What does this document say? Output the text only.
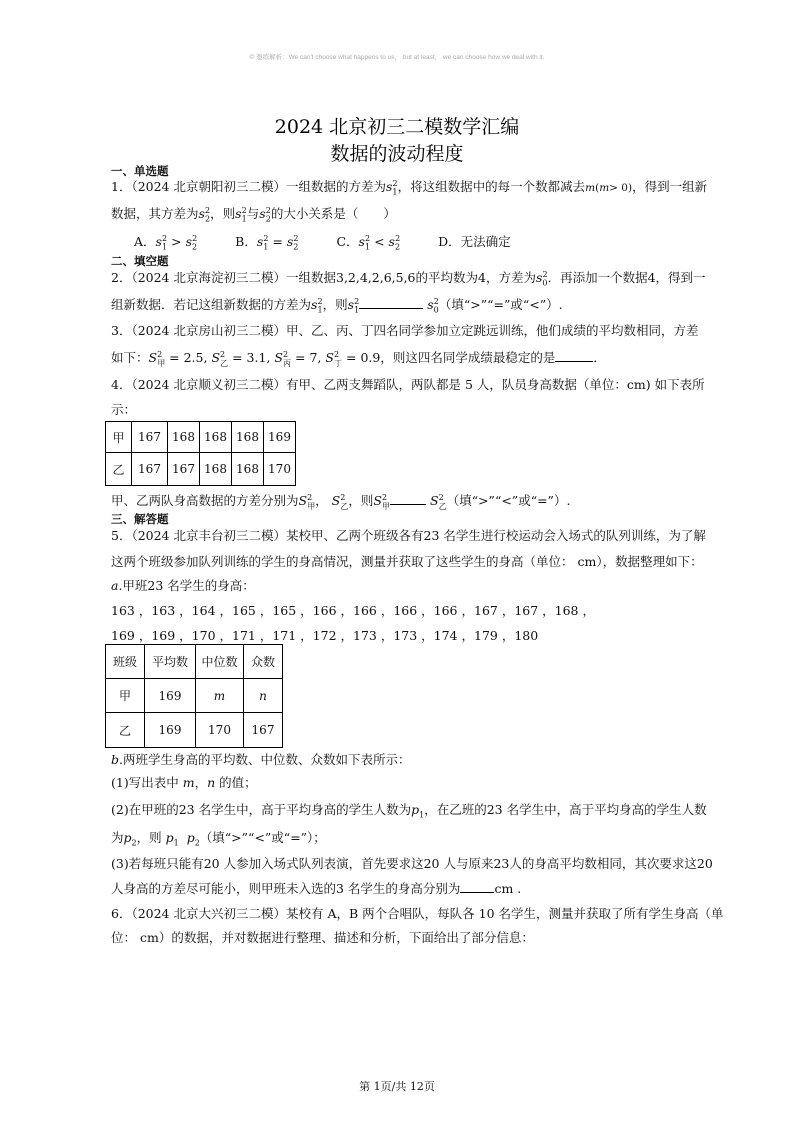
© 邀练解析：We can't choose what happens to us， but at least， we can choose how we deal with it.
2024 北京初三二模数学汇编
数据的波动程度
一、单选题
1．（2024 北京朝阳初三二模）一组数据的方差为$s_1^2$，将这组数据中的每一个数都减去m(m> 0)，得到一组新
数据，其方差为$s_2^2$，则$s_1^2$与$s_2^2$的大小关系是（　　）
A．$s_1^2 > s_2^2$	B．$s_1^2 = s_2^2$	C．$s_1^2 < s_2^2$	D．无法确定
二、填空题
2．（2024 北京海淀初三二模）一组数据3,2,4,2,6,5,6的平均数为4，方差为$s_0^2$．再添加一个数据4，得到一
组新数据．若记这组新数据的方差为$s_1^2$，则$s_1^2$	$s_0^2$（填“>”“=”或“<”）.
3．（2024 北京房山初三二模）甲、乙、丙、丁四名同学参加立定跳远训练，他们成绩的平均数相同，方差
如下：$S^2_甲 = 2.5$, $S^2_乙 = 3.1$, $S^2_丙 = 7$, $S^2_丁 = 0.9$，则这四名同学成绩最稳定的是	．
4．（2024 北京顺义初三二模）有甲、乙两支舞蹈队，两队都是 5 人，队员身高数据（单位：cm) 如下表所
示：
甲	167	168	168	168	169
乙	167	167	168	168	170
甲、乙两队身高数据的方差分别为$S^2_甲$， $S^2_乙$，则$S^2_甲$	$S^2_乙$（填“>”“<”或“=”）.
三、解答题
5．（2024 北京丰台初三二模）某校甲、乙两个班级各有23 名学生进行校运动会入场式的队列训练，为了解
这两个班级参加队列训练的学生的身高情况，测量并获取了这些学生的身高（单位： cm），数据整理如下：
a.甲班23 名学生的身高：
163 ，163 ，164 ，165 ，165 ，166 ，166 ，166 ，166 ，167 ，167 ，168 ，
169 ，169 ，170 ，171 ，171 ，172 ，173 ，173 ，174 ，179 ，180
班级	平均数	中位数	众数
甲	169	m	n
乙	169	170	167
b.两班学生身高的平均数、中位数、众数如下表所示：
(1)写出表中 m，n 的值；
(2)在甲班的23 名学生中，高于平均身高的学生人数为$p_1$，在乙班的23 名学生中，高于平均身高的学生人数
为$p_2$，则 $p_1$ $p_2$（填“>”“<”或“=”）；
(3)若每班只能有20 人参加入场式队列表演，首先要求这20 人与原来23人的身高平均数相同，其次要求这20
人身高的方差尽可能小，则甲班未入选的3 名学生的身高分别为	cm .
6．（2024 北京大兴初三二模）某校有 A，B 两个合唱队，每队各 10 名学生，测量并获取了所有学生身高（单
位： cm）的数据，并对数据进行整理、描述和分析，下面给出了部分信息：
第 1页/共 12页
